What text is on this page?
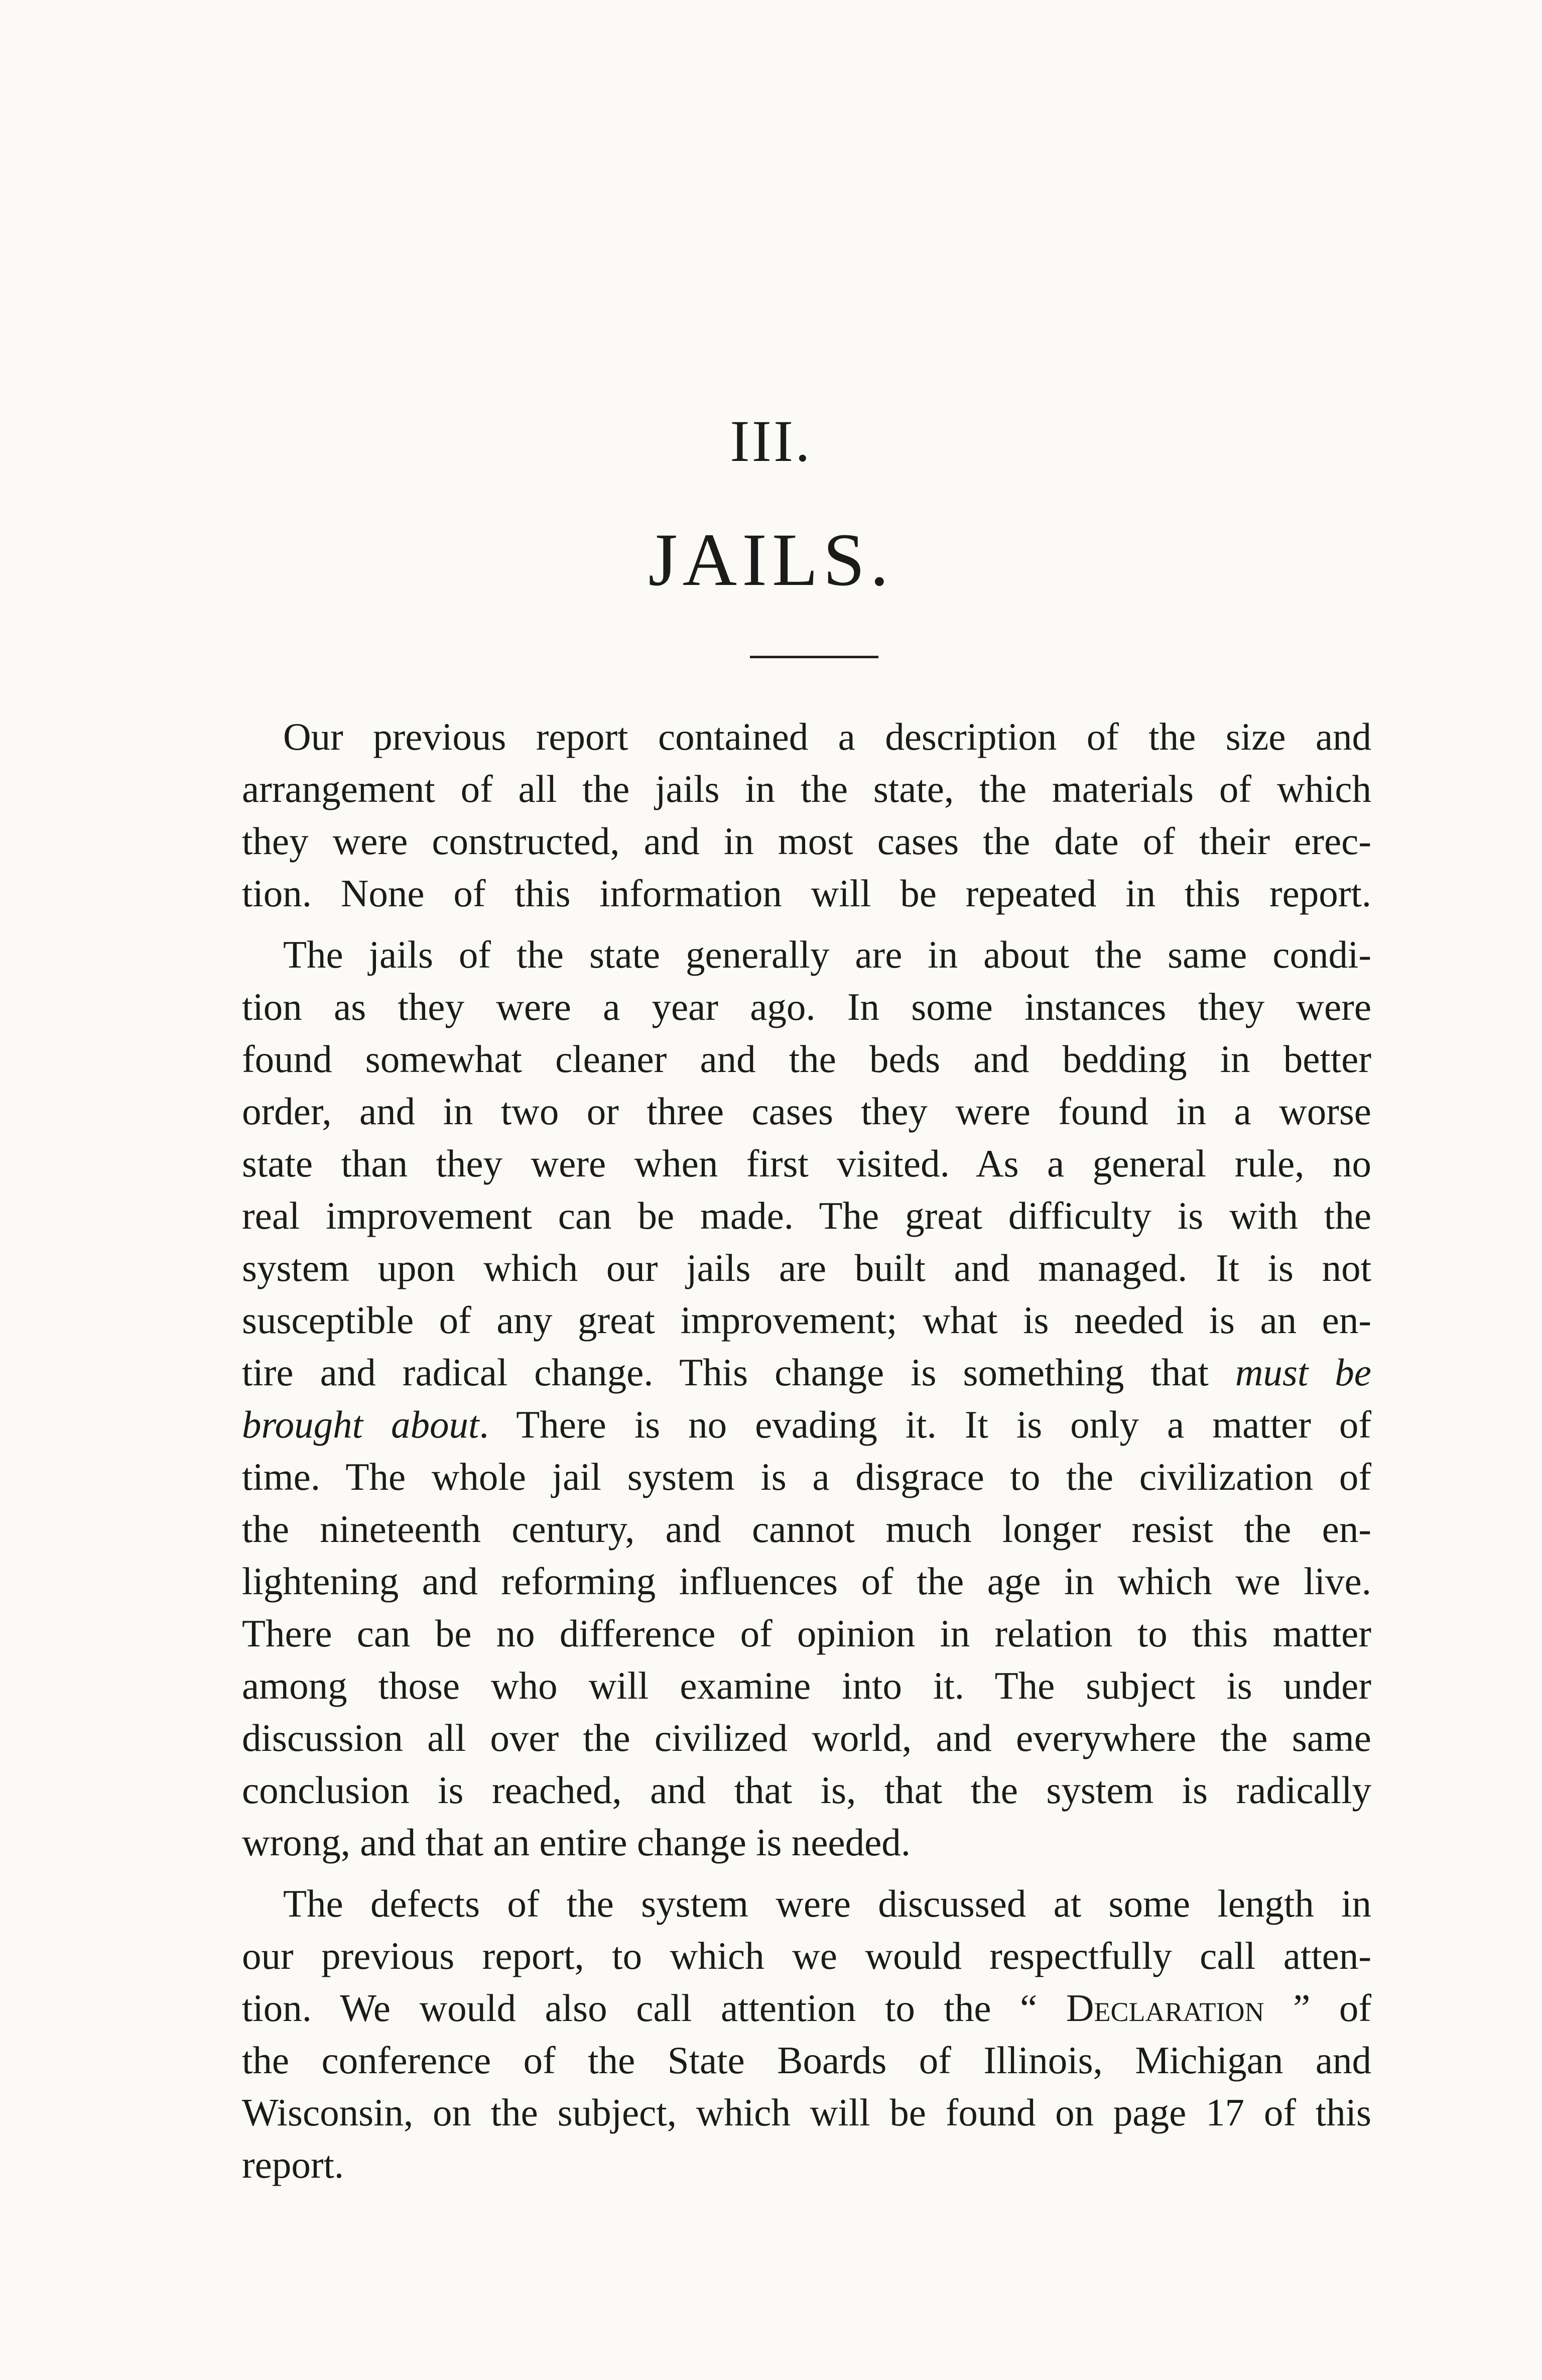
III.
JAILS.
Our previous report contained a description of the size and
arrangement of all the jails in the state, the materials of which
they were constructed, and in most cases the date of their erec-
tion. None of this information will be repeated in this report.
The jails of the state generally are in about the same condi-
tion as they were a year ago. In some instances they were
found somewhat cleaner and the beds and bedding in better
order, and in two or three cases they were found in a worse
state than they were when first visited. As a general rule, no
real improvement can be made. The great difficulty is with the
system upon which our jails are built and managed. It is not
susceptible of any great improvement; what is needed is an en-
tire and radical change. This change is something that must be
brought about. There is no evading it. It is only a matter of
time. The whole jail system is a disgrace to the civilization of
the nineteenth century, and cannot much longer resist the en-
lightening and reforming influences of the age in which we live.
There can be no difference of opinion in relation to this matter
among those who will examine into it. The subject is under
discussion all over the civilized world, and everywhere the same
conclusion is reached, and that is, that the system is radically
wrong, and that an entire change is needed.
The defects of the system were discussed at some length in
our previous report, to which we would respectfully call atten-
tion. We would also call attention to the “ Declaration ” of
the conference of the State Boards of Illinois, Michigan and
Wisconsin, on the subject, which will be found on page 17 of this
report.
